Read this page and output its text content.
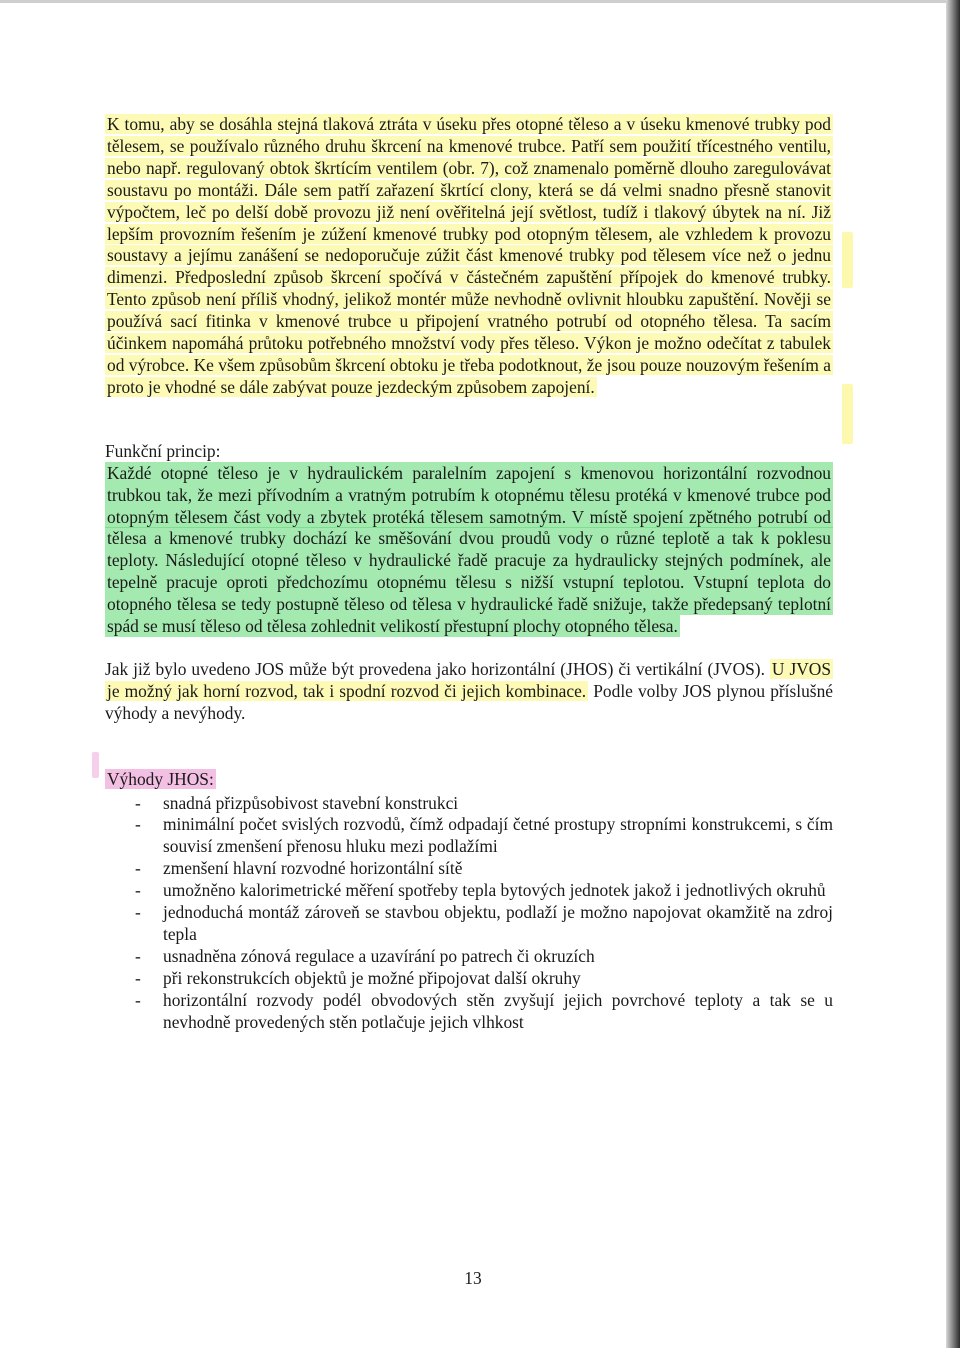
K tomu, aby se dosáhla stejná tlaková ztráta v úseku přes otopné těleso a v úseku kmenové trubky pod tělesem, se používalo různého druhu škrcení na kmenové trubce. Patří sem použití třícestného ventilu, nebo např. regulovaný obtok škrtícím ventilem (obr. 7), což znamenalo poměrně dlouho zaregulovávat soustavu po montáži. Dále sem patří zařazení škrtící clony, která se dá velmi snadno přesně stanovit výpočtem, leč po delší době provozu již není ověřitelná její světlost, tudíž i tlakový úbytek na ní. Již lepším provozním řešením je zúžení kmenové trubky pod otopným tělesem, ale vzhledem k provozu soustavy a jejímu zanášení se nedoporučuje zúžit část kmenové trubky pod tělesem více než o jednu dimenzi. Předposlední způsob škrcení spočívá v částečném zapuštění přípojek do kmenové trubky. Tento způsob není příliš vhodný, jelikož montér může nevhodně ovlivnit hloubku zapuštění. Nověji se používá sací fitinka v kmenové trubce u připojení vratného potrubí od otopného tělesa. Ta sacím účinkem napomáhá průtoku potřebného množství vody přes těleso. Výkon je možno odečítat z tabulek od výrobce. Ke všem způsobům škrcení obtoku je třeba podotknout, že jsou pouze nouzovým řešením a proto je vhodné se dále zabývat pouze jezdeckým způsobem zapojení.

Funkční princip:

Každé otopné těleso je v hydraulickém paralelním zapojení s kmenovou horizontální rozvodnou trubkou tak, že mezi přívodním a vratným potrubím k otopnému tělesu protéká v kmenové trubce pod otopným tělesem část vody a zbytek protéká tělesem samotným. V místě spojení zpětného potrubí od tělesa a kmenové trubky dochází ke směšování dvou proudů vody o různé teplotě a tak k poklesu teploty. Následující otopné těleso v hydraulické řadě pracuje za hydraulicky stejných podmínek, ale tepelně pracuje oproti předchozímu otopnému tělesu s nižší vstupní teplotou. Vstupní teplota do otopného tělesa se tedy postupně těleso od tělesa v hydraulické řadě snižuje, takže předepsaný teplotní spád se musí těleso od tělesa zohlednit velikostí přestupní plochy otopného tělesa.

Jak již bylo uvedeno JOS může být provedena jako horizontální (JHOS) či vertikální (JVOS). U JVOS je možný jak horní rozvod, tak i spodní rozvod či jejich kombinace. Podle volby JOS plynou příslušné výhody a nevýhody.

Výhody JHOS:

- snadná přizpůsobivost stavební konstrukci
- minimální počet svislých rozvodů, čímž odpadají četné prostupy stropními konstrukcemi, s čím souvisí zmenšení přenosu hluku mezi podlažími
- zmenšení hlavní rozvodné horizontální sítě
- umožněno kalorimetrické měření spotřeby tepla bytových jednotek jakož i jednotlivých okruhů
- jednoduchá montáž zároveň se stavbou objektu, podlaží je možno napojovat okamžitě na zdroj tepla
- usnadněna zónová regulace a uzavírání po patrech či okruzích
- při rekonstrukcích objektů je možné připojovat další okruhy
- horizontální rozvody podél obvodových stěn zvyšují jejich povrchové teploty a tak se u nevhodně provedených stěn potlačuje jejich vlhkost
13
